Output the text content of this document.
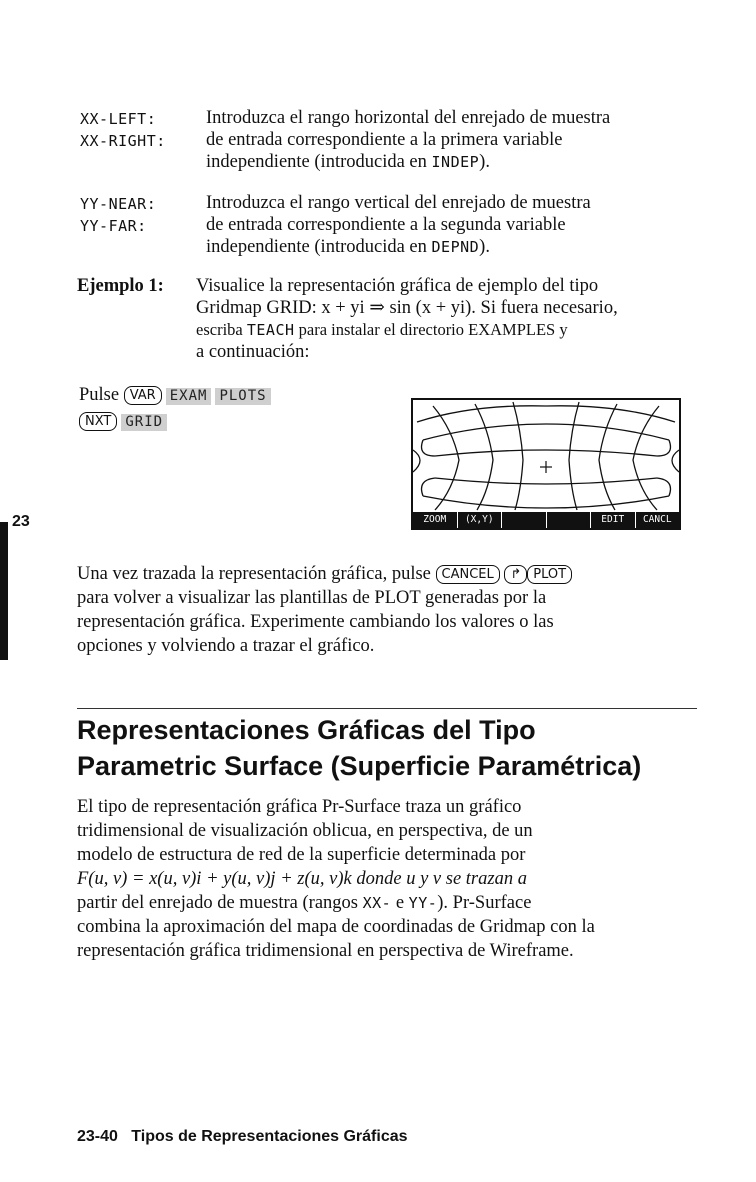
XX-LEFT:	Introduzca el rango horizontal del enrejado de muestra
XX-RIGHT: de entrada correspondiente a la primera variable
independiente (introducida en INDEP).
YY-NEAR:	Introduzca el rango vertical del enrejado de muestra
YY-FAR:	de entrada correspondiente a la segunda variable
independiente (introducida en DEPND).
Ejemplo 1: Visualice la representación gráfica de ejemplo del tipo
Gridmap GRID: x + yi ⇒ sin (x + yi). Si fuera necesario,
escriba TEACH para instalar el directorio EXAMPLES y
a continuación:
Pulse VAR EXAM PLOTS
NXT GRID
ZOOM	(X,Y)	EDIT	CANCL
23
Una vez trazada la representación gráfica, pulse CANCEL ↱ PLOT
para volver a visualizar las plantillas de PLOT generadas por la
representación gráfica. Experimente cambiando los valores o las
opciones y volviendo a trazar el gráfico.
Representaciones Gráficas del Tipo
Parametric Surface (Superficie Paramétrica)
El tipo de representación gráfica Pr-Surface traza un gráfico
tridimensional de visualización oblicua, en perspectiva, de un
modelo de estructura de red de la superficie determinada por
F(u, v) = x(u, v)i + y(u, v)j + z(u, v)k donde u y v se trazan a
partir del enrejado de muestra (rangos XX- e YY-). Pr-Surface
combina la aproximación del mapa de coordinadas de Gridmap con la
representación gráfica tridimensional en perspectiva de Wireframe.
23-40 Tipos de Representaciones Gráficas
